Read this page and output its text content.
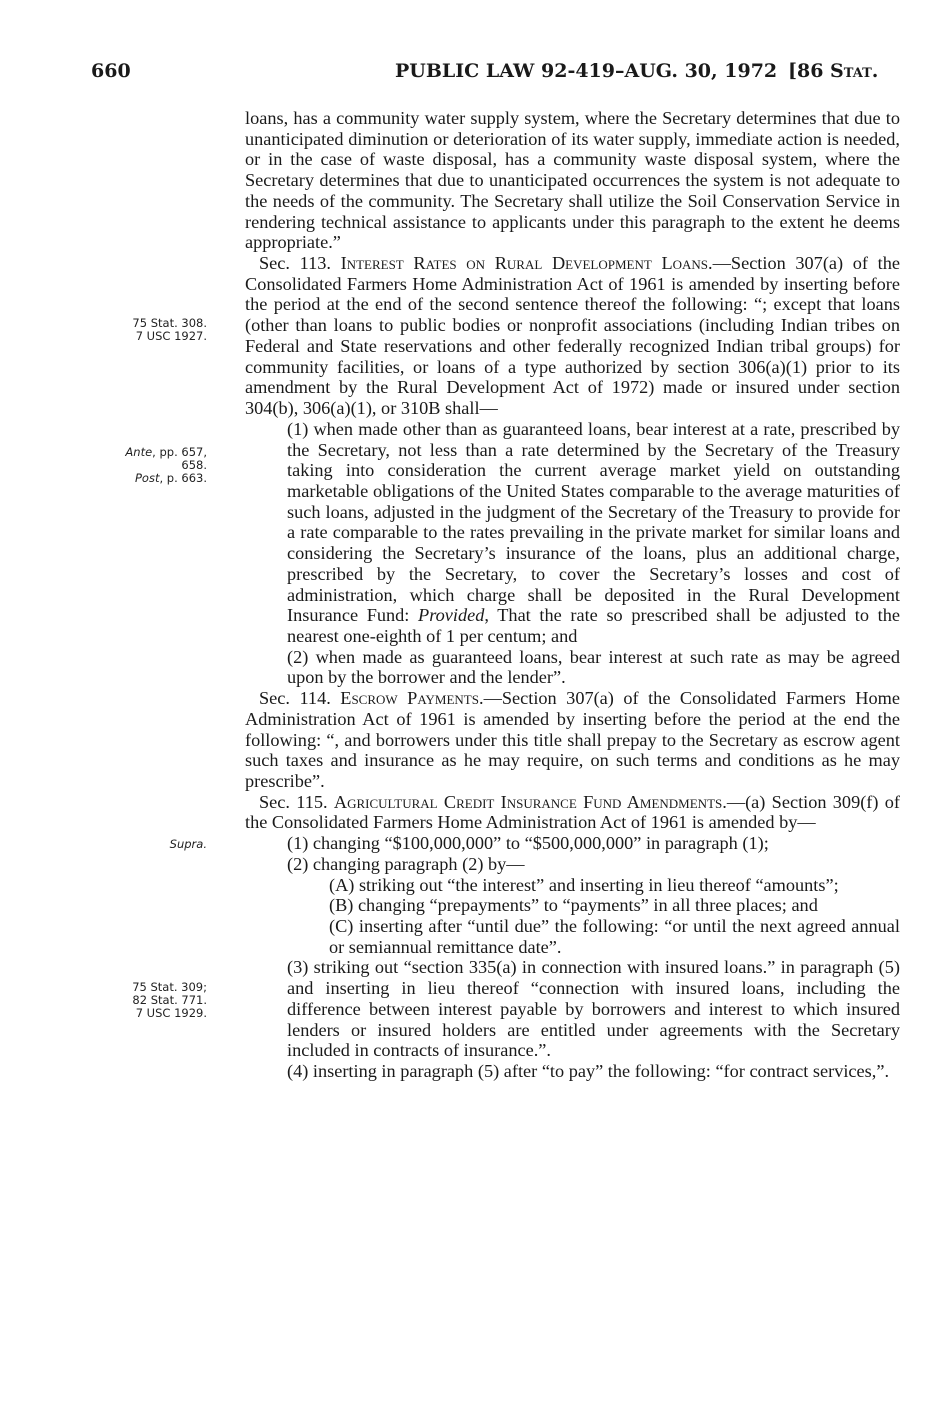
660	PUBLIC LAW 92-419–AUG. 30, 1972 [86 Stat.
75 Stat. 308.
7 USC 1927.
Ante, pp. 657,
658.
Post, p. 663.
Supra.
75 Stat. 309;
82 Stat. 771.
7 USC 1929.

loans, has a community water supply system, where the Secretary determines that due to unanticipated diminution or deterioration of its water supply, immediate action is needed, or in the case of waste disposal, has a community waste disposal system, where the Secretary determines that due to unanticipated occurrences the system is not adequate to the needs of the community. The Secretary shall utilize the Soil Conservation Service in rendering technical assistance to applicants under this paragraph to the extent he deems appropriate.”

Sec. 113. Interest Rates on Rural Development Loans.—Section 307(a) of the Consolidated Farmers Home Administration Act of 1961 is amended by inserting before the period at the end of the second sentence thereof the following: “; except that loans (other than loans to public bodies or nonprofit associations (including Indian tribes on Federal and State reservations and other federally recognized Indian tribal groups) for community facilities, or loans of a type authorized by section 306(a)(1) prior to its amendment by the Rural Development Act of 1972) made or insured under section 304(b), 306(a)(1), or 310B shall—

(1) when made other than as guaranteed loans, bear interest at a rate, prescribed by the Secretary, not less than a rate determined by the Secretary of the Treasury taking into consideration the current average market yield on outstanding marketable obligations of the United States comparable to the average maturities of such loans, adjusted in the judgment of the Secretary of the Treasury to provide for a rate comparable to the rates prevailing in the private market for similar loans and considering the Secretary’s insurance of the loans, plus an additional charge, prescribed by the Secretary, to cover the Secretary’s losses and cost of administration, which charge shall be deposited in the Rural Development Insurance Fund: Provided, That the rate so prescribed shall be adjusted to the nearest one-eighth of 1 per centum; and

(2) when made as guaranteed loans, bear interest at such rate as may be agreed upon by the borrower and the lender”.

Sec. 114. Escrow Payments.—Section 307(a) of the Consolidated Farmers Home Administration Act of 1961 is amended by inserting before the period at the end the following: “, and borrowers under this title shall prepay to the Secretary as escrow agent such taxes and insurance as he may require, on such terms and conditions as he may prescribe”.

Sec. 115. Agricultural Credit Insurance Fund Amendments.—(a) Section 309(f) of the Consolidated Farmers Home Administration Act of 1961 is amended by—

(1) changing “$100,000,000” to “$500,000,000” in paragraph (1);

(2) changing paragraph (2) by—

(A) striking out “the interest” and inserting in lieu thereof “amounts”;

(B) changing “prepayments” to “payments” in all three places; and

(C) inserting after “until due” the following: “or until the next agreed annual or semiannual remittance date”.

(3) striking out “section 335(a) in connection with insured loans.” in paragraph (5) and inserting in lieu thereof “connection with insured loans, including the difference between interest payable by borrowers and interest to which insured lenders or insured holders are entitled under agreements with the Secretary included in contracts of insurance.”.

(4) inserting in paragraph (5) after “to pay” the following: “for contract services,”.
